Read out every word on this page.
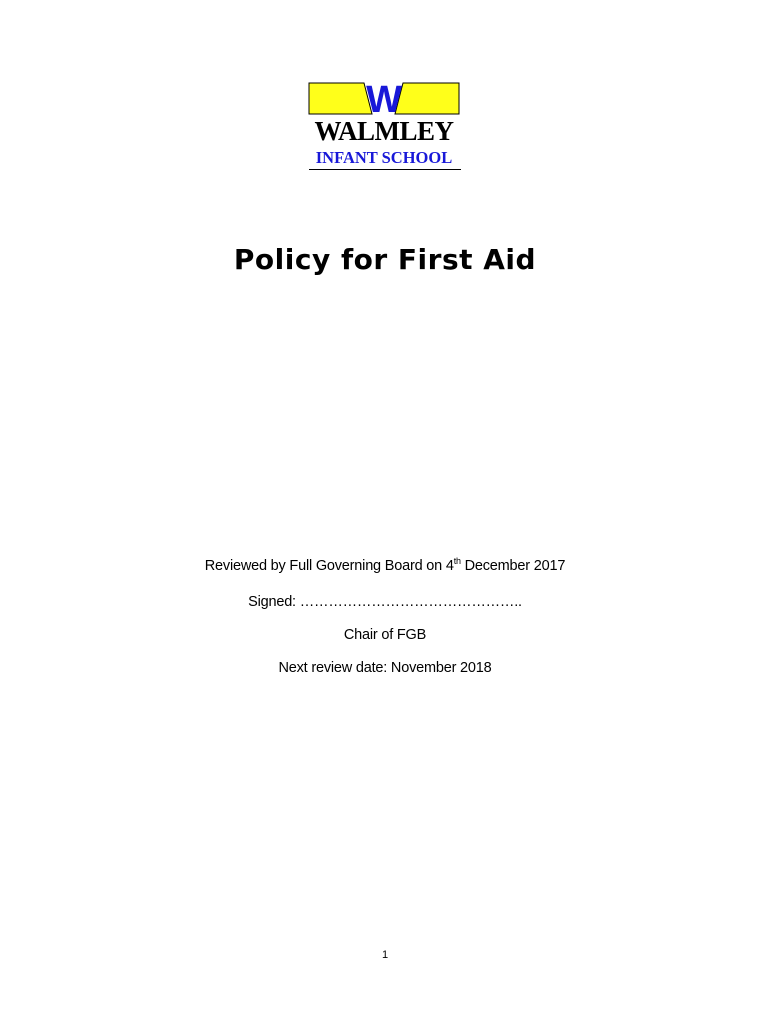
W
WALMLEY
INFANT SCHOOL
Policy for First Aid
Reviewed by Full Governing Board on 4th December 2017
Signed: ………………………………………..
Chair of FGB
Next review date: November 2018
1
